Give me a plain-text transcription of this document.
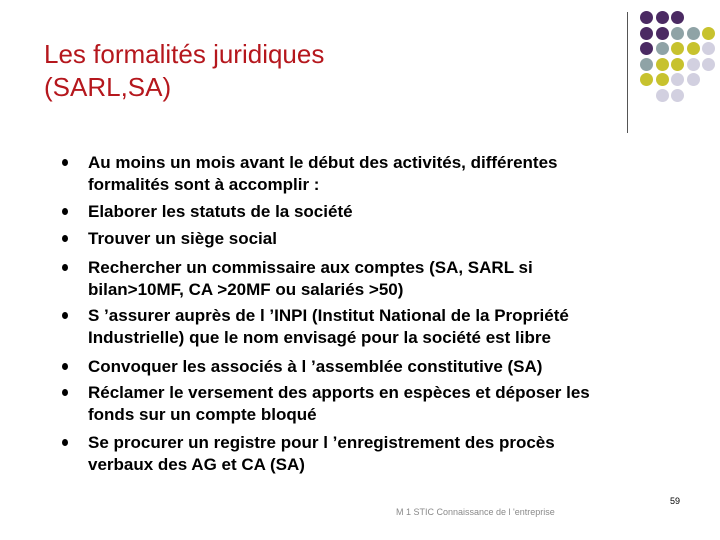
Les formalités juridiques
(SARL,SA)
Au moins un mois avant le début des activités, différentes
formalités sont à accomplir :
Elaborer les statuts de la société
Trouver un siège social
Rechercher un commissaire aux comptes (SA, SARL si
bilan>10MF, CA >20MF ou salariés >50)
S ’assurer auprès de l ’INPI (Institut National de la Propriété
Industrielle) que le nom envisagé pour la société est libre
Convoquer les associés à l ’assemblée constitutive (SA)
Réclamer le versement des apports en espèces et déposer les
fonds sur un compte bloqué
Se procurer un registre pour l ’enregistrement des procès
verbaux des AG et CA (SA)
59
M 1 STIC Connaissance de l 'entreprise
